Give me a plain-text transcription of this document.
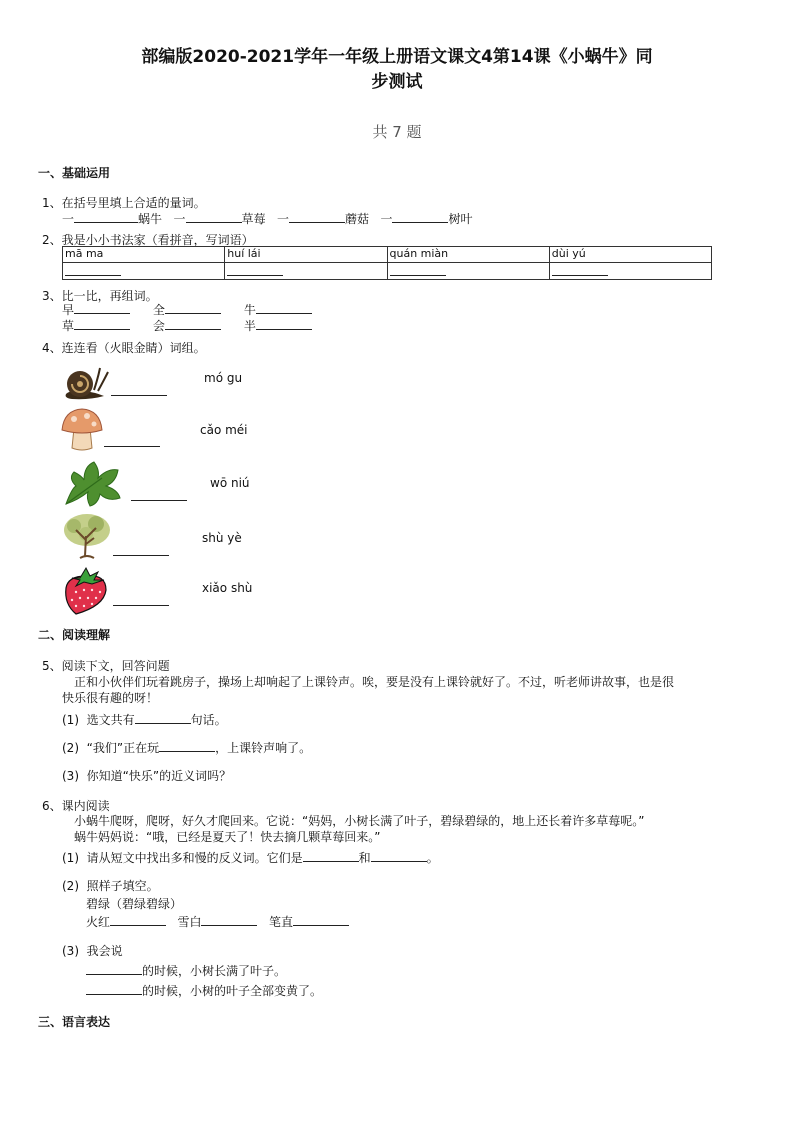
部编版2020-2021学年一年级上册语文课文4第14课《小蜗牛》同
步测试
共 7 题
一、基础运用
1、在括号里填上合适的量词。
一	蜗牛 一	草莓 一	蘑菇 一	树叶
2、我是小小书法家（看拼音，写词语）
mā ma	huí lái	quán miàn	dùi yú

3、比一比，再组词。
早	全	牛
草	会	半
4、连连看（火眼金睛）词组。
mó gu
cǎo méi
wō niú
shù yè
xiǎo shù
二、阅读理解
5、阅读下文，回答问题
正和小伙伴们玩着跳房子，操场上却响起了上课铃声。唉，要是没有上课铃就好了。不过，听老师讲故事，也是很
快乐很有趣的呀！
(1) 选文共有	句话。
(2) “我们”正在玩	，上课铃声响了。
(3) 你知道“快乐”的近义词吗？
6、课内阅读
小蜗牛爬呀，爬呀，好久才爬回来。它说：“妈妈，小树长满了叶子，碧绿碧绿的，地上还长着许多草莓呢。”
蜗牛妈妈说：“哦，已经是夏天了！快去摘几颗草莓回来。”
(1) 请从短文中找出多和慢的反义词。它们是	和	。
(2) 照样子填空。
碧绿（碧绿碧绿）
火红	雪白	笔直
(3) 我会说
的时候，小树长满了叶子。
的时候，小树的叶子全部变黄了。
三、语言表达
